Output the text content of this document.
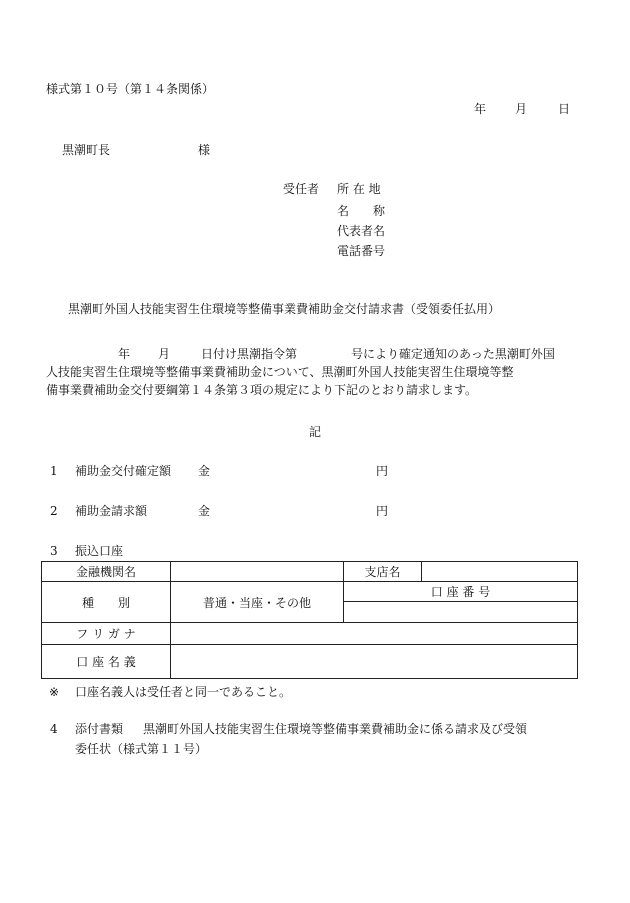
様式第１０号（第１４条関係）
年 月	日
黒潮町長	様
受任者 所 在 地
名　　称
代表者名
電話番号
黒潮町外国人技能実習生住環境等整備事業費補助金交付請求書（受領委任払用）
年 月	日付け黒潮指令第	号により確定通知のあった黒潮町外国
人技能実習生住環境等整備事業費補助金について、黒潮町外国人技能実習生住環境等整
備事業費補助金交付要綱第１４条第３項の規定により下記のとおり請求します。
記
1 補助金交付確定額 金	円
2 補助金請求額	金	円
3 振込口座
金融機関名		支店名	
種　　別	普通・当座・その他	口 座 番 号	

フ リ ガ ナ			
口 座 名 義			
※ 口座名義人は受任者と同一であること。
4 添付書類 黒潮町外国人技能実習生住環境等整備事業費補助金に係る請求及び受領
委任状（様式第１１号）
